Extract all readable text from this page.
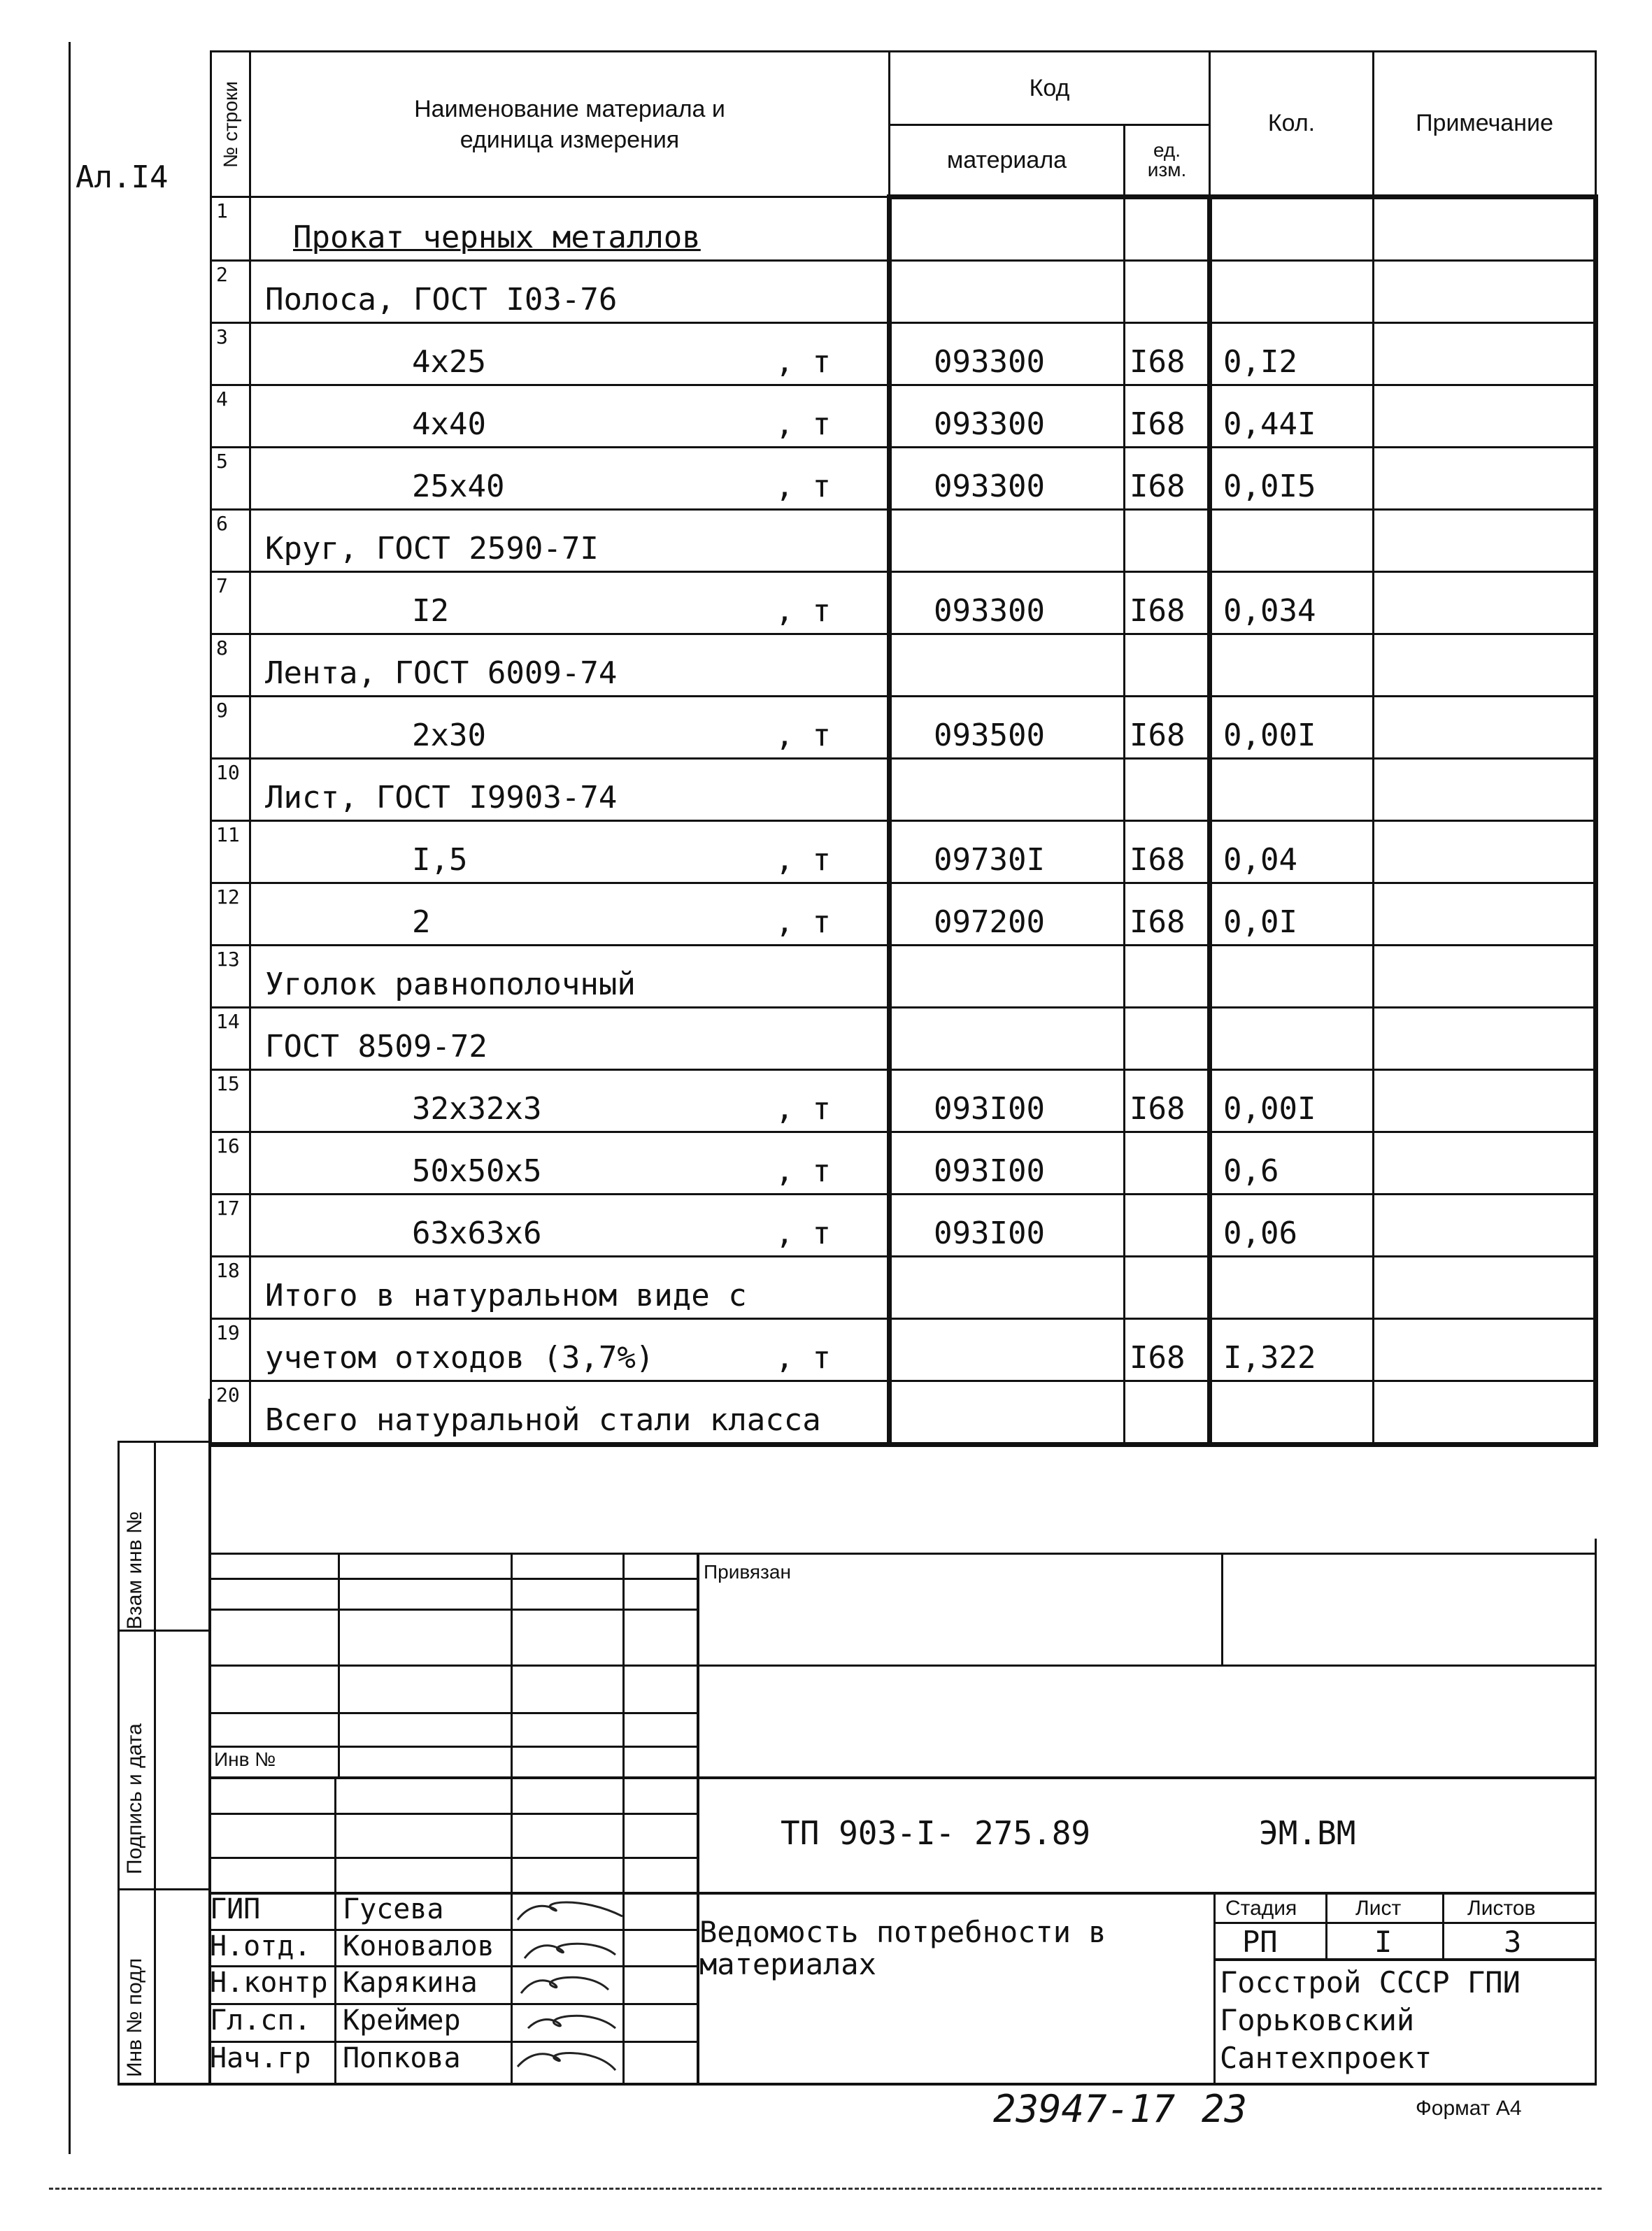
Ал.I4
№ строки	Наименование материала и единица измерения	Код		Кол.	Примечание
		материала	ед. изм.		
1	Прокат черных металлов				
2	Полоса, ГОСТ I03-76				
3	4x25 , т	093300	I68	0,I2	
4	4x40 , т	093300	I68	0,44I	
5	25x40 , т	093300	I68	0,0I5	
6	Круг, ГОСТ 2590-7I				
7	I2 , т	093300	I68	0,034	
8	Лента, ГОСТ 6009-74				
9	2x30 , т	093500	I68	0,00I	
10	Лист, ГОСТ I9903-74				
11	I,5 , т	09730I	I68	0,04	
12	2 , т	097200	I68	0,0I	
13	Уголок равнополочный				
14	ГОСТ 8509-72				
15	32x32x3 , т	093I00	I68	0,00I	
16	50x50x5 , т	093I00		0,6	
17	63x63x6 , т	093I00		0,06	
18	Итого в натуральном виде с				
19	учетом отходов (3,7%) , т		I68	I,322	
20	Всего натуральной стали класса				
Взам инв №
Подпись и дата
Инв № подл
Привязан
Инв №
ТП 903-I- 275.89	ЭМ.ВМ
ГИП	Гусева
Н.отд. Коновалов
Н.контр Карякина
Гл.сп. Креймер
Нач.гр Попкова
Ведомость потребности в материалах
Стадия	Лист	Листов
РП	I	3
Госстрой СССР ГПИ Горьковский Сантехпроект
23947-17 23	Формат А4
